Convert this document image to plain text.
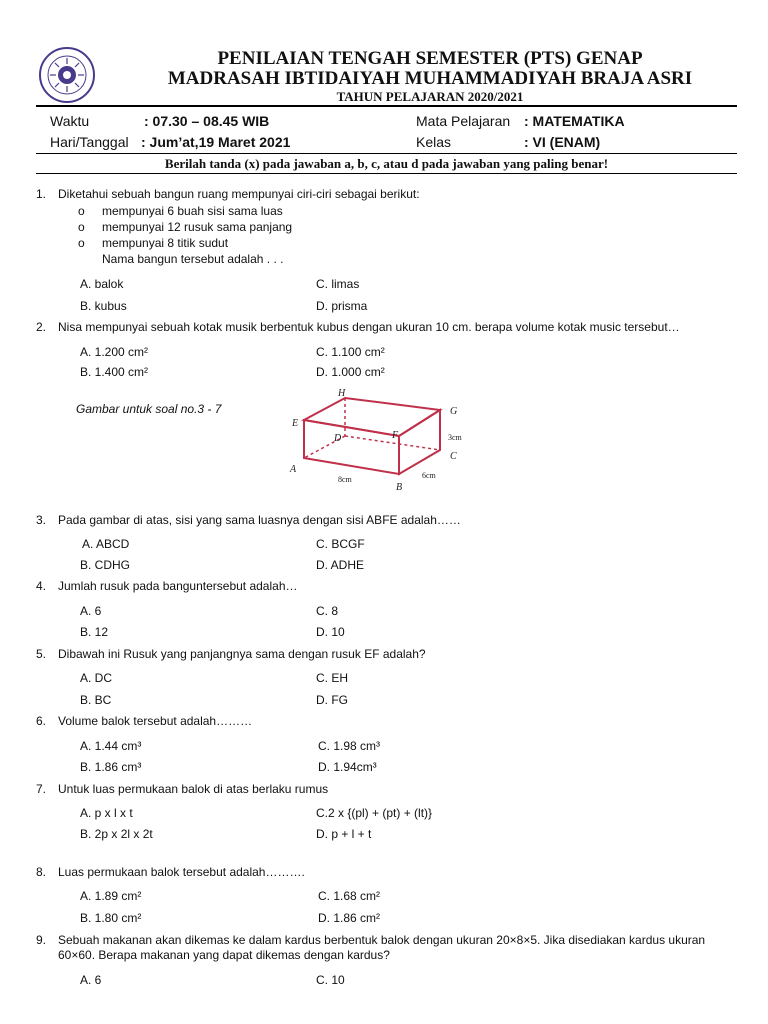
PENILAIAN TENGAH SEMESTER (PTS) GENAP
MADRASAH IBTIDAIYAH MUHAMMADIYAH BRAJA ASRI
TAHUN PELAJARAN 2020/2021
Waktu	: 07.30 – 08.45 WIB
Hari/Tanggal : Jum’at,19 Maret 2021
Mata Pelajaran : MATEMATIKA
Kelas	: VI (ENAM)
Berilah tanda (x) pada jawaban a, b, c, atau d pada jawaban yang paling benar!
1. Diketahui sebuah bangun ruang mempunyai ciri-ciri sebagai berikut:
o mempunyai 6 buah sisi sama luas
o mempunyai 12 rusuk sama panjang
o mempunyai 8 titik sudut
Nama bangun tersebut adalah . . .
A. balok	C. limas
B. kubus	D. prisma
2. Nisa mempunyai sebuah kotak musik berbentuk kubus dengan ukuran 10 cm. berapa volume kotak music tersebut…
A. 1.200 cm²	C. 1.100 cm²
B. 1.400 cm²	D. 1.000 cm²
Gambar untuk soal no.3 - 7
A
B
C
D
E
F
G
H
8cm	6cm
3cm
3. Pada gambar di atas, sisi yang sama luasnya dengan sisi ABFE adalah……
A. ABCD	C. BCGF
B. CDHG	D. ADHE
4. Jumlah rusuk pada banguntersebut adalah…
A. 6	C. 8
B. 12	D. 10
5. Dibawah ini Rusuk yang panjangnya sama dengan rusuk EF adalah?
A. DC	C. EH
B. BC	D. FG
6. Volume balok tersebut adalah………
A. 1.44 cm³	C. 1.98 cm³
B. 1.86 cm³	D. 1.94cm³
7. Untuk luas permukaan balok di atas berlaku rumus
A. p x l x t	C.2 x {(pl) + (pt) + (lt)}
B. 2p x 2l x 2t	D. p + l + t
8. Luas permukaan balok tersebut adalah……….
A. 1.89 cm²	C. 1.68 cm²
B. 1.80 cm²	D. 1.86 cm²
9. Sebuah makanan akan dikemas ke dalam kardus berbentuk balok dengan ukuran 20×8×5. Jika disediakan kardus ukuran
60×60. Berapa makanan yang dapat dikemas dengan kardus?
A. 6	C. 10
